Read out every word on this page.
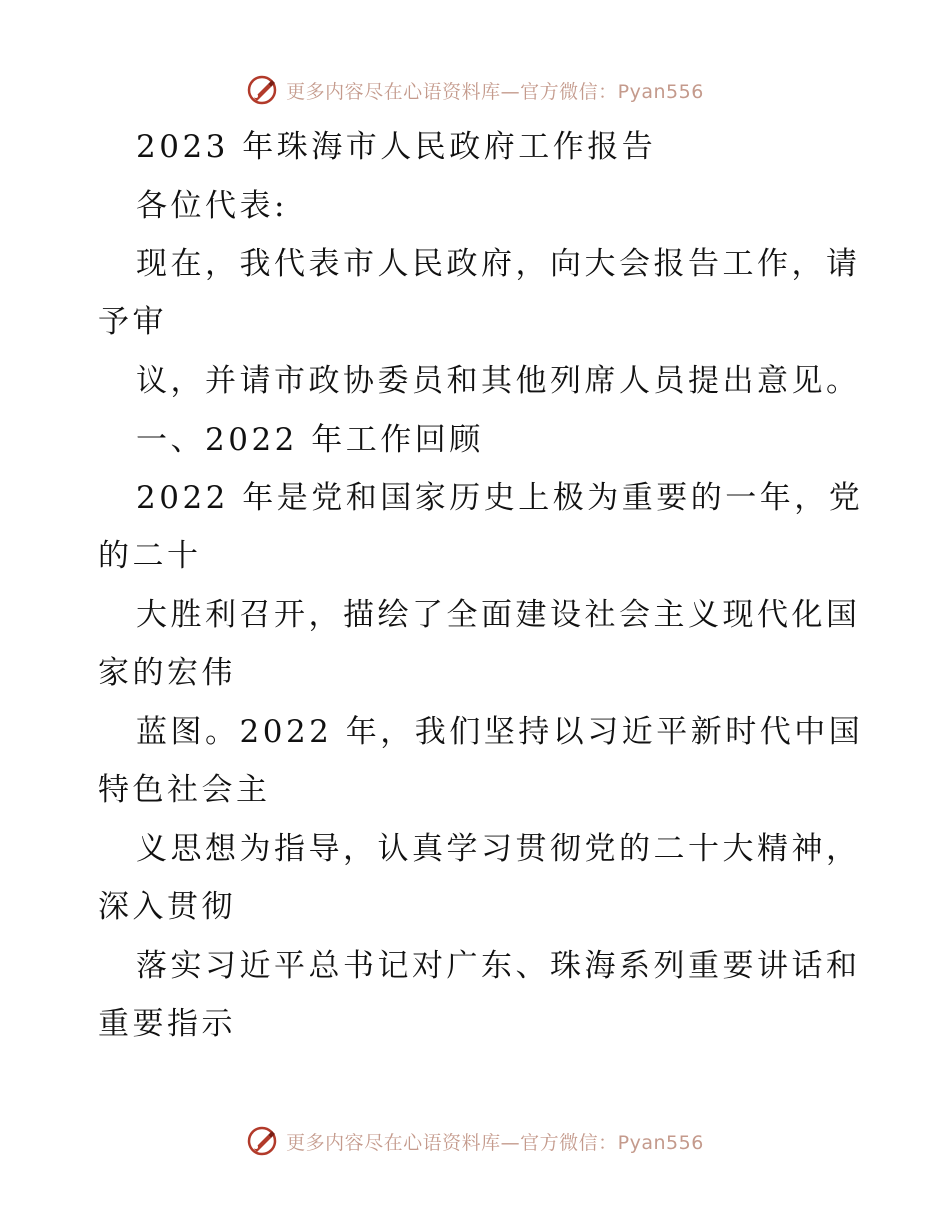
更多内容尽在心语资料库—官方微信：Pyan556
2023 年珠海市人民政府工作报告
各位代表:
现在，我代表市人民政府，向大会报告工作，请
予审
议，并请市政协委员和其他列席人员提出意见。
一、2022 年工作回顾
2022 年是党和国家历史上极为重要的一年，党
的二十
大胜利召开，描绘了全面建设社会主义现代化国
家的宏伟
蓝图。2022 年，我们坚持以习近平新时代中国
特色社会主
义思想为指导，认真学习贯彻党的二十大精神，
深入贯彻
落实习近平总书记对广东、珠海系列重要讲话和
重要指示
更多内容尽在心语资料库—官方微信：Pyan556
